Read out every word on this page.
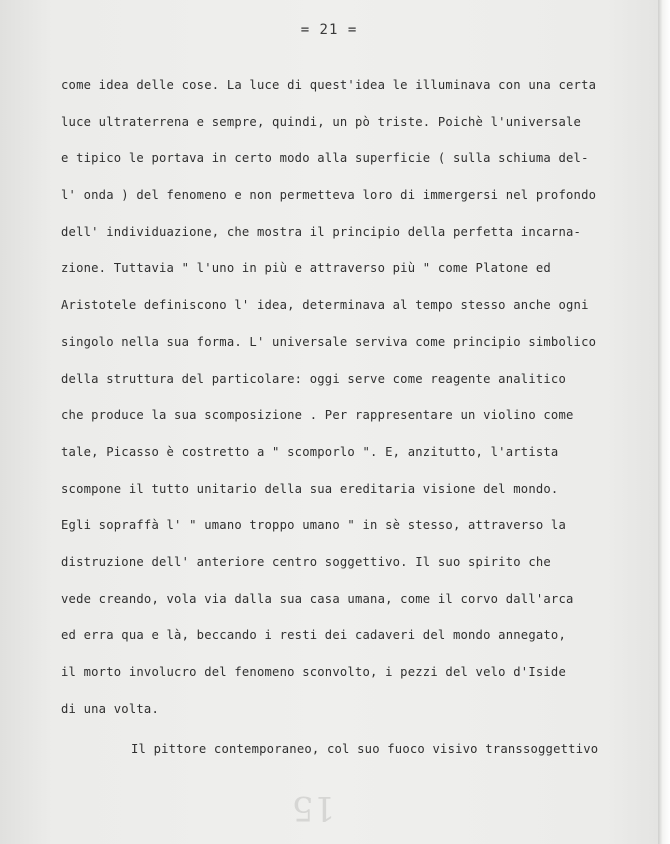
= 21 =
come idea delle cose. La luce di quest'idea le illuminava con una certa
luce ultraterrena e sempre, quindi, un pò triste. Poichè l'universale
e tipico le portava in certo modo alla superficie ( sulla schiuma del-
l' onda ) del fenomeno e non permetteva loro di immergersi nel profondo
dell' individuazione, che mostra il principio della perfetta incarna-
zione. Tuttavia " l'uno in più e attraverso più " come Platone ed
Aristotele definiscono l' idea, determinava al tempo stesso anche ogni
singolo nella sua forma. L' universale serviva come principio simbolico
della struttura del particolare: oggi serve come reagente analitico
che produce la sua scomposizione . Per rappresentare un violino come
tale, Picasso è costretto a " scomporlo ". E, anzitutto, l'artista
scompone il tutto unitario della sua ereditaria visione del mondo.
Egli sopraffà l' " umano troppo umano " in sè stesso, attraverso la
distruzione dell' anteriore centro soggettivo. Il suo spirito che
vede creando, vola via dalla sua casa umana, come il corvo dall'arca
ed erra qua e là, beccando i resti dei cadaveri del mondo annegato,
il morto involucro del fenomeno sconvolto, i pezzi del velo d'Iside
di una volta.
Il pittore contemporaneo, col suo fuoco visivo transsoggettivo
15
